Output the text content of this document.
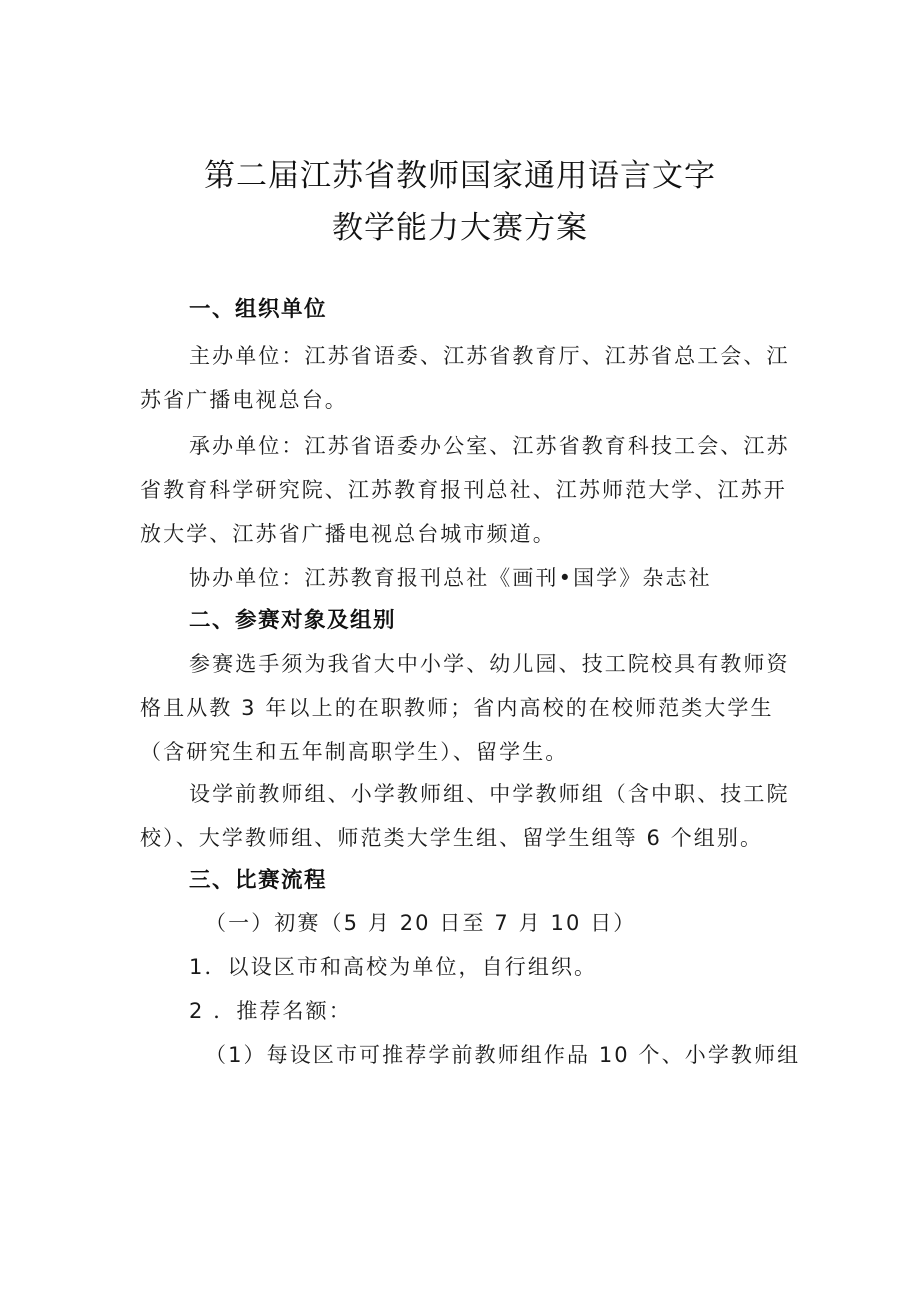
第二届江苏省教师国家通用语言文字
教学能力大赛方案
一、组织单位
主办单位：江苏省语委、江苏省教育厅、江苏省总工会、江
苏省广播电视总台。
承办单位：江苏省语委办公室、江苏省教育科技工会、江苏
省教育科学研究院、江苏教育报刊总社、江苏师范大学、江苏开
放大学、江苏省广播电视总台城市频道。
协办单位：江苏教育报刊总社《画刊•国学》杂志社
二、参赛对象及组别
参赛选手须为我省大中小学、幼儿园、技工院校具有教师资
格且从教 3 年以上的在职教师；省内高校的在校师范类大学生
（含研究生和五年制高职学生）、留学生。
设学前教师组、小学教师组、中学教师组（含中职、技工院
校）、大学教师组、师范类大学生组、留学生组等 6 个组别。
三、比赛流程
（一）初赛（5 月 20 日至 7 月 10 日）
1．以设区市和高校为单位，自行组织。
2 ．推荐名额：
（1）每设区市可推荐学前教师组作品 10 个、小学教师组
